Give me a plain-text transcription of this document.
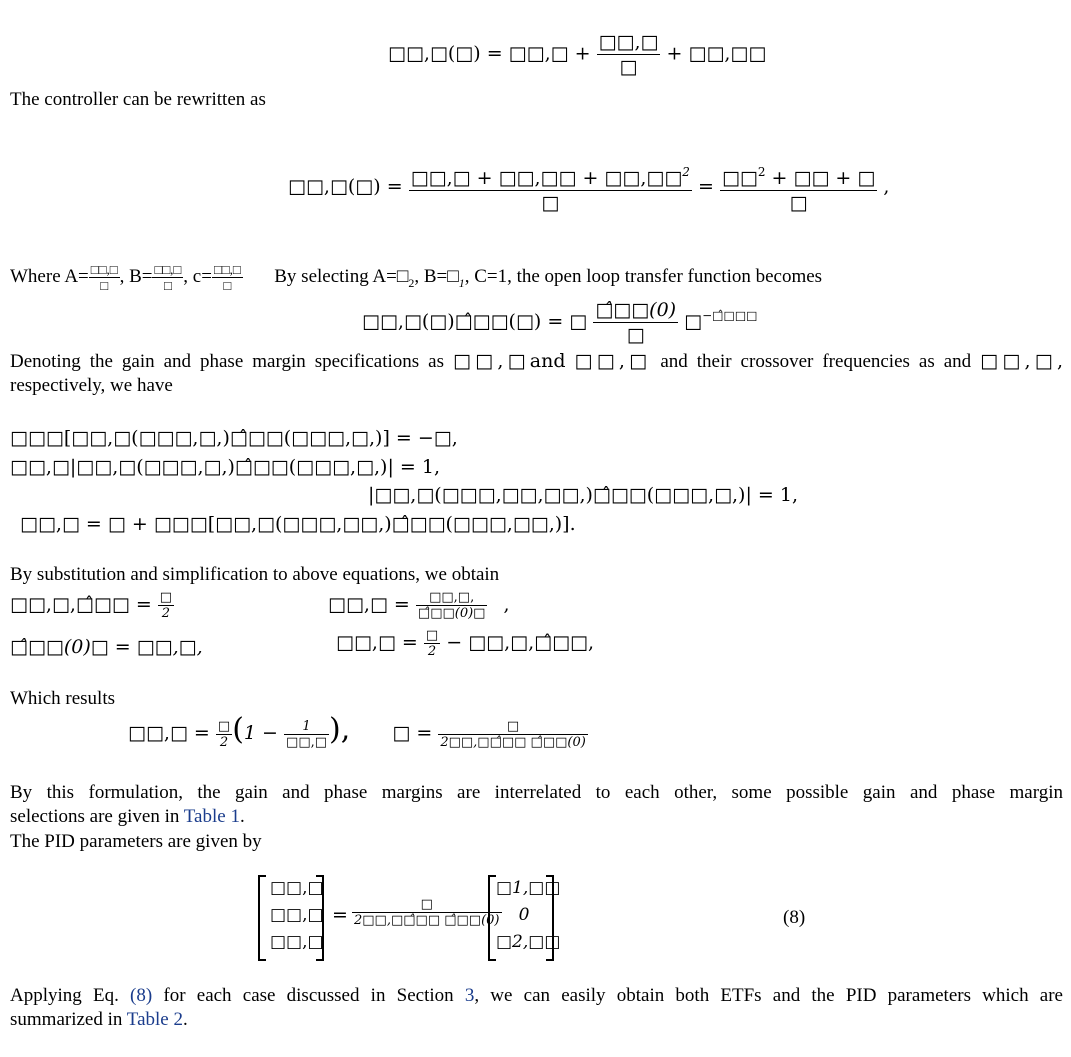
□□,□(□) = □□,□ + $\frac{□□,□}{□}$ + □□,□□
The controller can be rewritten as
□□,□(□) = $\frac{□□,□ + □□,□□ + □□,□□^2}{□} = \frac{□□^2 + □□ + □}{□}$ ,
Where $A= \frac{□□,□}{□}$ , $B= \frac{□□,□}{□}$ , $c= \frac{□□,□}{□}$ By selecting $A=□_2$, $B=□_1$, C=1, the open loop transfer function becomes
□□,□(□)□̂□□(□) = □ $\frac{□̂□□(0)}{□}$ □−□̂□□□
Denoting the gain and phase margin specifications as □□,□and □□,□ and their crossover frequencies as and □□,□,
respectively, we have
□□□[□□,□(□□□,□,)□̂□□(□□□,□,)] = −□,
□□,□|□□,□(□□□,□,)□̂□□(□□□,□,)| = 1,
|□□,□(□□□,□□,□□,)□̂□□(□□□,□,)| = 1,
□□,□ = □ + □□□[□□,□(□□□,□□,)□̂□□(□□□,□□,)].
By substitution and simplification to above equations, we obtain
□□,□,□̂□□ = $\frac{□}{2}$	□□,□ = $\frac{□□,□,}{□̂□□(0)□}$ ,
□̂□□(0)□ = □□,□,	□□,□ = $\frac{□}{2}$ − □□,□,□̂□□,
Which results
□□,□ = $\frac{□}{2} (1 - \frac{1}{□□,□}$ ), □ = $\frac{□}{2□□,□□̂□□ □̂□□(0)}$
By this formulation, the gain and phase margins are interrelated to each other, some possible gain and phase margin
selections are given in Table 1.
The PID parameters are given by
□□,□
□□,□
□□,□
= $\frac{□}{2□□,□□̂□□ □̂□□(0)}$
□1,□□
0
□2,□□
(8)
Applying Eq. (8) for each case discussed in Section 3, we can easily obtain both ETFs and the PID parameters which are
summarized in Table 2.
